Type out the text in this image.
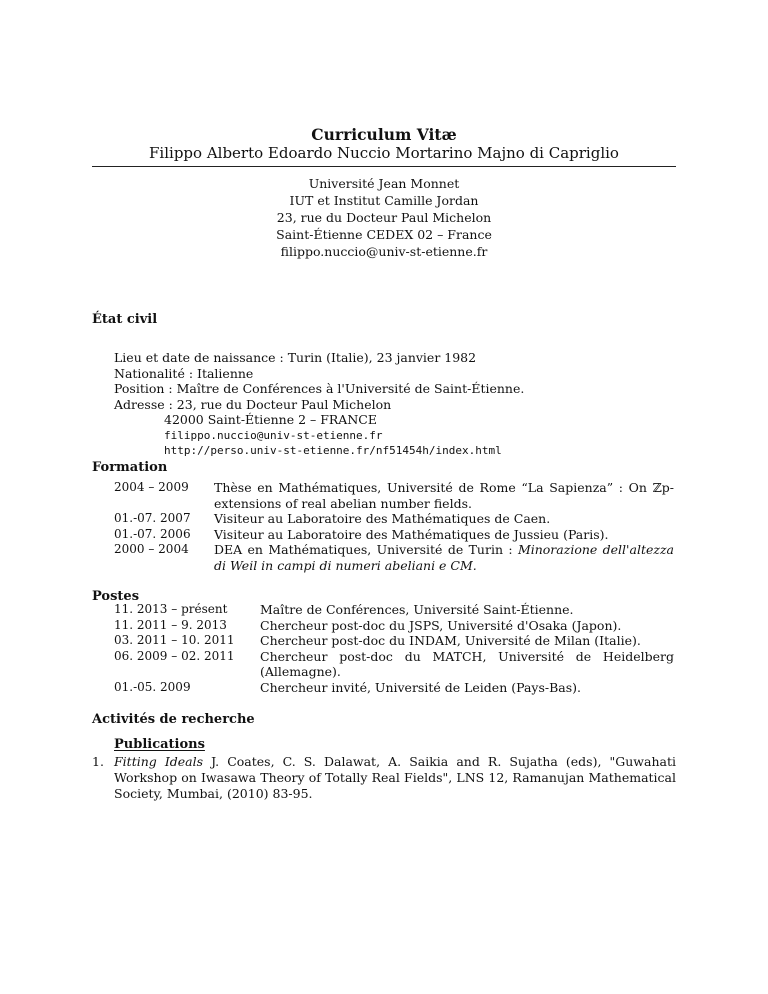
Curriculum Vitæ
Filippo Alberto Edoardo Nuccio Mortarino Majno di Capriglio
Université Jean Monnet
IUT et Institut Camille Jordan
23, rue du Docteur Paul Michelon
Saint-Étienne CEDEX 02 – France
filippo.nuccio@univ-st-etienne.fr
État civil
Lieu et date de naissance : Turin (Italie), 23 janvier 1982
Nationalité : Italienne
Position : Maître de Conférences à l'Université de Saint-Étienne.
Adresse : 23, rue du Docteur Paul Michelon
42000 Saint-Étienne 2 – FRANCE
filippo.nuccio@univ-st-etienne.fr
http://perso.univ-st-etienne.fr/nf51454h/index.html
Formation
2004 – 2009	Thèse en Mathématiques, Université de Rome “La Sapienza” : On ℤp-extensions of real abelian number fields.
01.-07. 2007	Visiteur au Laboratoire des Mathématiques de Caen.
01.-07. 2006	Visiteur au Laboratoire des Mathématiques de Jussieu (Paris).
2000 – 2004	DEA en Mathématiques, Université de Turin : Minorazione dell'altezza di Weil in campi di numeri abeliani e CM.
Postes
11. 2013 – présent	Maître de Conférences, Université Saint-Étienne.
11. 2011 – 9. 2013	Chercheur post-doc du JSPS, Université d'Osaka (Japon).
03. 2011 – 10. 2011	Chercheur post-doc du INDAM, Université de Milan (Italie).
06. 2009 – 02. 2011	Chercheur post-doc du MATCH, Université de Heidelberg (Allemagne).
01.-05. 2009	Chercheur invité, Université de Leiden (Pays-Bas).
Activités de recherche
Publications
1. Fitting Ideals J. Coates, C. S. Dalawat, A. Saikia and R. Sujatha (eds), "Guwahati Workshop on Iwasawa Theory of Totally Real Fields", LNS 12, Ramanujan Mathematical Society, Mumbai, (2010) 83-95.
